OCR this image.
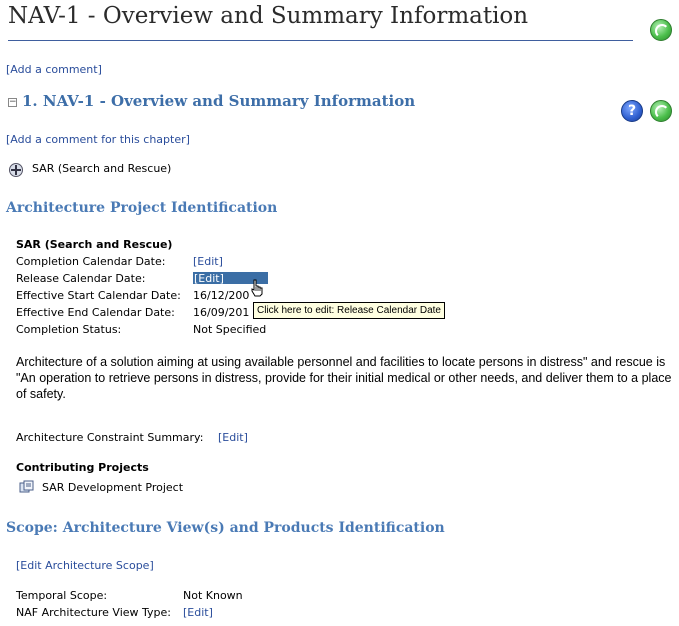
NAV-1 - Overview and Summary Information
[Add a comment]
− 1. NAV-1 - Overview and Summary Information
?
[Add a comment for this chapter]
SAR (Search and Rescue)
Architecture Project Identification
SAR (Search and Rescue)
Completion Calendar Date:	[Edit]
Release Calendar Date:	[Edit]
Effective Start Calendar Date: 16/12/200
Effective End Calendar Date: 16/09/201
Completion Status:	Not Specified
Click here to edit: Release Calendar Date
Architecture of a solution aiming at using available personnel and facilities to locate persons in distress" and rescue is "An operation to retrieve persons in distress, provide for their initial medical or other needs, and deliver them to a place of safety.
Architecture Constraint Summary: [Edit]
Contributing Projects
SAR Development Project
Scope: Architecture View(s) and Products Identification
[Edit Architecture Scope]
Temporal Scope:	Not Known
NAF Architecture View Type: [Edit]
